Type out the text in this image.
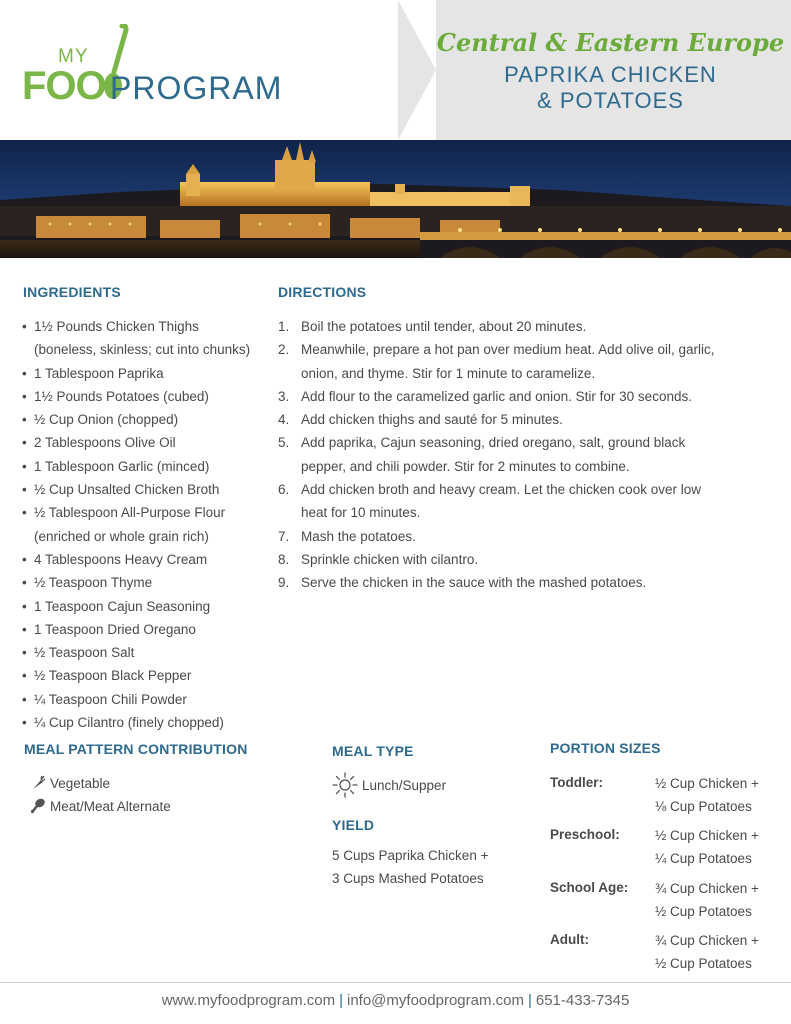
MY
FOO PROGRAM
Central & Eastern Europe
PAPRIKA CHICKEN
& POTATOES
INGREDIENTS
• 1½ Pounds Chicken Thighs
(boneless, skinless; cut into chunks)
• 1 Tablespoon Paprika
• 1½ Pounds Potatoes (cubed)
• ½ Cup Onion (chopped)
• 2 Tablespoons Olive Oil
• 1 Tablespoon Garlic (minced)
• ½ Cup Unsalted Chicken Broth
• ½ Tablespoon All-Purpose Flour
(enriched or whole grain rich)
• 4 Tablespoons Heavy Cream
• ½ Teaspoon Thyme
• 1 Teaspoon Cajun Seasoning
• 1 Teaspoon Dried Oregano
• ½ Teaspoon Salt
• ½ Teaspoon Black Pepper
• ¼ Teaspoon Chili Powder
• ¼ Cup Cilantro (finely chopped)
DIRECTIONS
1. Boil the potatoes until tender, about 20 minutes.
2. Meanwhile, prepare a hot pan over medium heat. Add olive oil, garlic,
onion, and thyme. Stir for 1 minute to caramelize.
3. Add flour to the caramelized garlic and onion. Stir for 30 seconds.
4. Add chicken thighs and sauté for 5 minutes.
5. Add paprika, Cajun seasoning, dried oregano, salt, ground black
pepper, and chili powder. Stir for 2 minutes to combine.
6. Add chicken broth and heavy cream. Let the chicken cook over low
heat for 10 minutes.
7. Mash the potatoes.
8. Sprinkle chicken with cilantro.
9. Serve the chicken in the sauce with the mashed potatoes.
MEAL PATTERN CONTRIBUTION
Vegetable
Meat/Meat Alternate
MEAL TYPE
Lunch/Supper
YIELD
5 Cups Paprika Chicken +
3 Cups Mashed Potatoes
PORTION SIZES
Toddler:	½ Cup Chicken +
⅛ Cup Potatoes
Preschool:	½ Cup Chicken +
¼ Cup Potatoes
School Age: ¾ Cup Chicken +
½ Cup Potatoes
Adult:	¾ Cup Chicken +
½ Cup Potatoes
www.myfoodprogram.com | info@myfoodprogram.com | 651-433-7345
